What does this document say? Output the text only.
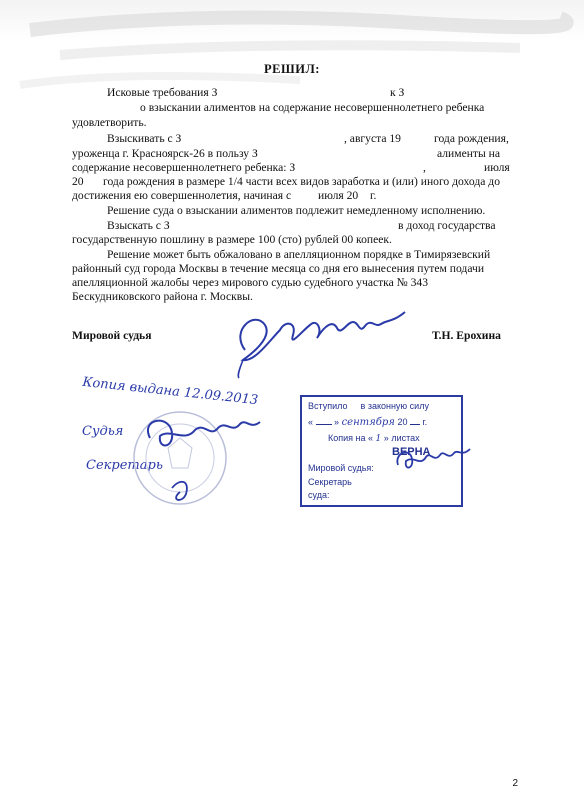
РЕШИЛ:
Исковые требования З	к З
о взыскании алиментов на содержание несовершеннолетнего ребенка
удовлетворить.
Взыскивать с З	, августа 19	года рождения,
уроженца г. Красноярск-26 в пользу З	алименты на
содержание несовершеннолетнего ребенка: З	,	июля
20 года рождения в размере 1/4 части всех видов заработка и (или) иного дохода до
достижения ею совершеннолетия, начиная с июля 20 г.
Решение суда о взыскании алиментов подлежит немедленному исполнению.
Взыскать с З	в доход государства
государственную пошлину в размере 100 (сто) рублей 00 копеек.
Решение может быть обжаловано в апелляционном порядке в Тимирязевский
районный суд города Москвы в течение месяца со дня его вынесения путем подачи
апелляционной жалобы через мирового судью судебного участка № 343
Бескудниковского района г. Москвы.
Мировой судья	Т.Н. Ерохина
Копия выдана 12.09.2013
Судья
Секретарь
Вступило в законную силу
« » сентября 20 г.
Копия на « 1 » листах
ВЕРНА
Мировой судья:
Секретарь
суда:
2
